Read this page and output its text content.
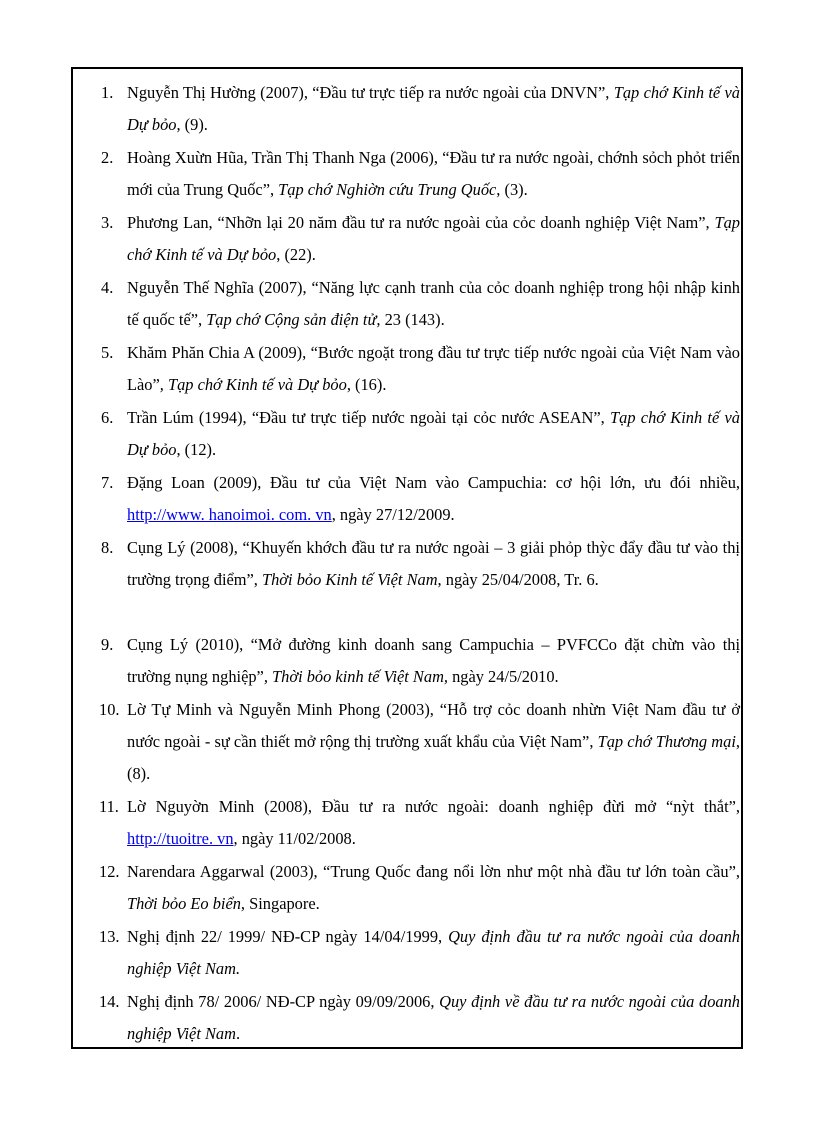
1. Nguyễn Thị Hường (2007), “Đầu tư trực tiếp ra nước ngoài của DNVN”, Tạp chớ Kinh tế và Dự bỏo, (9).
2. Hoàng Xuừn Hũa, Trần Thị Thanh Nga (2006), “Đầu tư ra nước ngoài, chớnh sỏch phỏt triển mới của Trung Quốc”, Tạp chớ Nghiờn cứu Trung Quốc, (3).
3. Phương Lan, “Nhỡn lại 20 năm đầu tư ra nước ngoài của cỏc doanh nghiệp Việt Nam”, Tạp chớ Kinh tế và Dự bỏo, (22).
4. Nguyễn Thế Nghĩa (2007), “Năng lực cạnh tranh của cỏc doanh nghiệp trong hội nhập kinh tế quốc tế”, Tạp chớ Cộng sản điện tử, 23 (143).
5. Khăm Phăn Chia A (2009), “Bước ngoặt trong đầu tư trực tiếp nước ngoài của Việt Nam vào Lào”, Tạp chớ Kinh tế và Dự bỏo, (16).
6. Trần Lúm (1994), “Đầu tư trực tiếp nước ngoài tại cỏc nước ASEAN”, Tạp chớ Kinh tế và Dự bỏo, (12).
7. Đặng Loan (2009), Đầu tư của Việt Nam vào Campuchia: cơ hội lớn, ưu đói nhiều, http://www. hanoimoi. com. vn, ngày 27/12/2009.
8. Cụng Lý (2008), “Khuyến khớch đầu tư ra nước ngoài – 3 giải phỏp thỳc đẩy đầu tư vào thị trường trọng điểm”, Thời bỏo Kinh tế Việt Nam, ngày 25/04/2008, Tr. 6.
9. Cụng Lý (2010), “Mở đường kinh doanh sang Campuchia – PVFCCo đặt chừn vào thị trường nụng nghiệp”, Thời bỏo kinh tế Việt Nam, ngày 24/5/2010.
10. Lờ Tự Minh và Nguyễn Minh Phong (2003), “Hỗ trợ cỏc doanh nhừn Việt Nam đầu tư ở nước ngoài - sự cần thiết mở rộng thị trường xuất khẩu của Việt Nam”, Tạp chớ Thương mại, (8).
11. Lờ Nguyờn Minh (2008), Đầu tư ra nước ngoài: doanh nghiệp đừi mở “nỳt thắt”, http://tuoitre. vn, ngày 11/02/2008.
12. Narendara Aggarwal (2003), “Trung Quốc đang nổi lờn như một nhà đầu tư lớn toàn cầu”, Thời bỏo Eo biển, Singapore.
13. Nghị định 22/ 1999/ NĐ-CP ngày 14/04/1999, Quy định đầu tư ra nước ngoài của doanh nghiệp Việt Nam.
14. Nghị định 78/ 2006/ NĐ-CP ngày 09/09/2006, Quy định về đầu tư ra nước ngoài của doanh nghiệp Việt Nam.
